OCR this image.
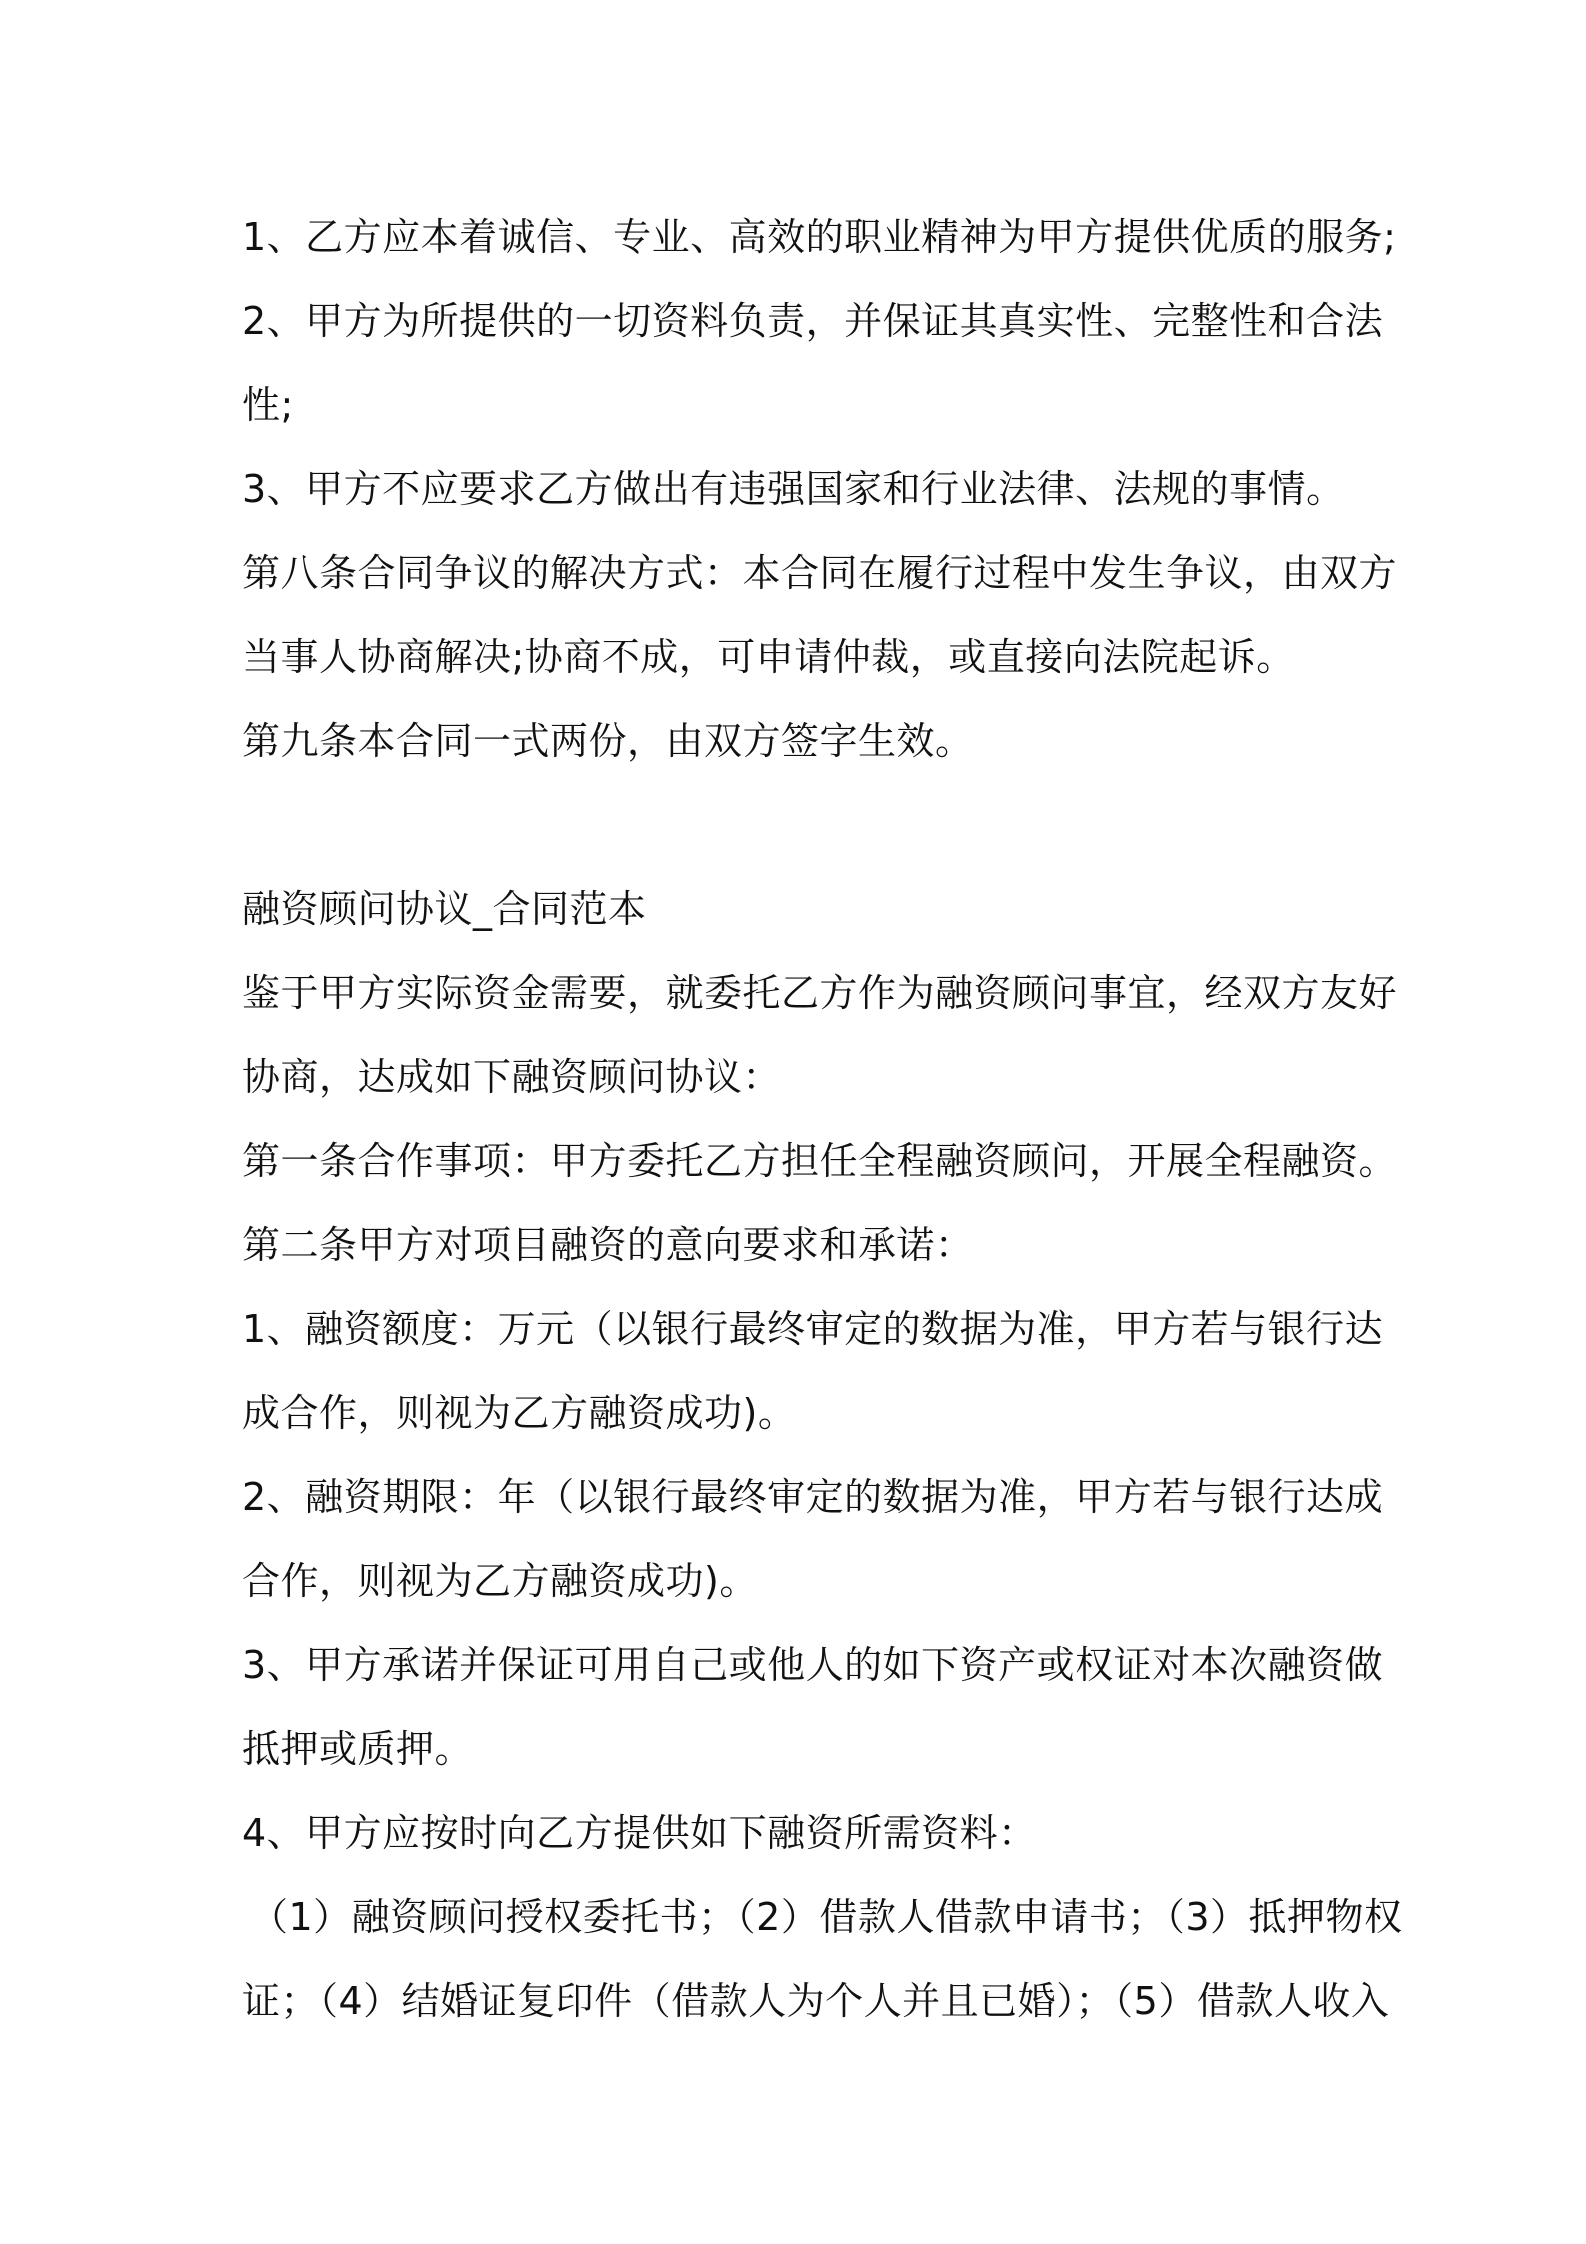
1、乙方应本着诚信、专业、高效的职业精神为甲方提供优质的服务;
2、甲方为所提供的一切资料负责，并保证其真实性、完整性和合法
性;
3、甲方不应要求乙方做出有违强国家和行业法律、法规的事情。
第八条合同争议的解决方式：本合同在履行过程中发生争议，由双方
当事人协商解决;协商不成，可申请仲裁，或直接向法院起诉。
第九条本合同一式两份，由双方签字生效。
融资顾问协议_合同范本
鉴于甲方实际资金需要，就委托乙方作为融资顾问事宜，经双方友好
协商，达成如下融资顾问协议：
第一条合作事项：甲方委托乙方担任全程融资顾问，开展全程融资。
第二条甲方对项目融资的意向要求和承诺：
1、融资额度：万元（以银行最终审定的数据为准，甲方若与银行达
成合作，则视为乙方融资成功)。
2、融资期限：年（以银行最终审定的数据为准，甲方若与银行达成
合作，则视为乙方融资成功)。
3、甲方承诺并保证可用自己或他人的如下资产或权证对本次融资做
抵押或质押。
4、甲方应按时向乙方提供如下融资所需资料：
（1）融资顾问授权委托书；（2）借款人借款申请书；（3）抵押物权
证；（4）结婚证复印件（借款人为个人并且已婚）；（5）借款人收入
